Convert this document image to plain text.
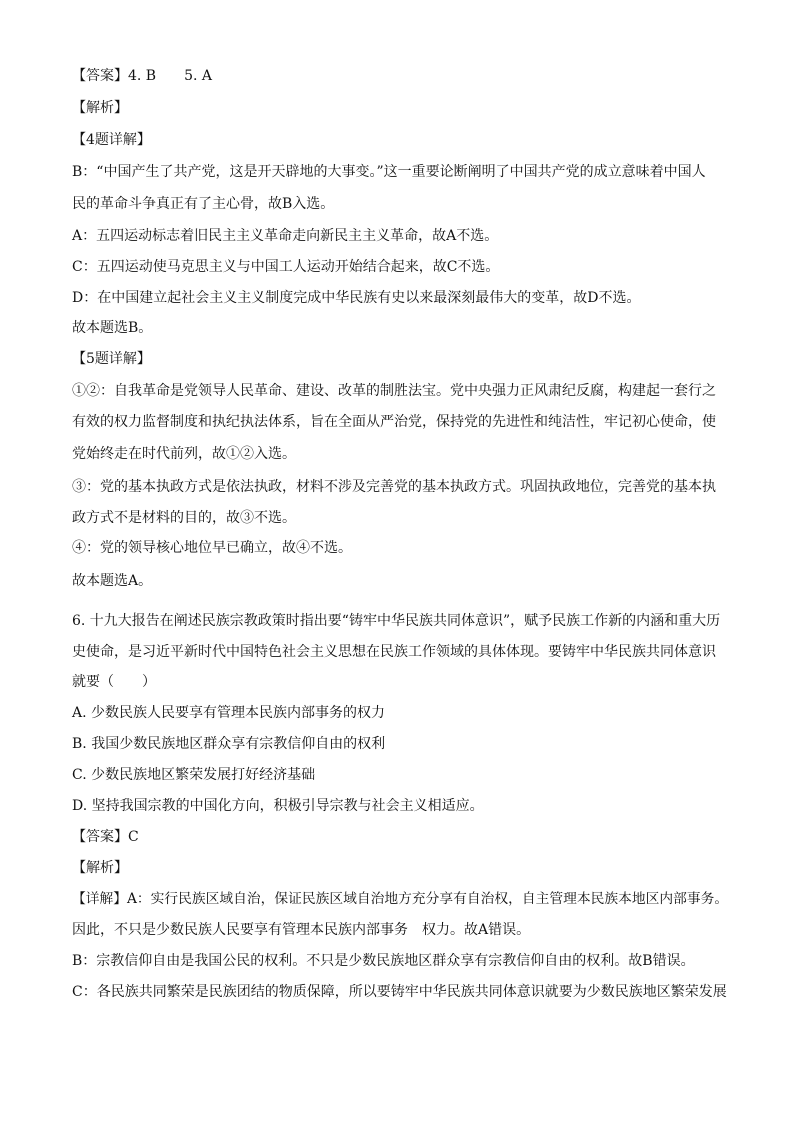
【答案】4. B 5. A
【解析】
【4题详解】
B：“中国产生了共产党，这是开天辟地的大事变。”这一重要论断阐明了中国共产党的成立意味着中国人
民的革命斗争真正有了主心骨，故B入选。
A：五四运动标志着旧民主主义革命走向新民主主义革命，故A不选。
C：五四运动使马克思主义与中国工人运动开始结合起来，故C不选。
D：在中国建立起社会主义主义制度完成中华民族有史以来最深刻最伟大的变革，故D不选。
故本题选B。
【5题详解】
①②：自我革命是党领导人民革命、建设、改革的制胜法宝。党中央强力正风肃纪反腐，构建起一套行之
有效的权力监督制度和执纪执法体系，旨在全面从严治党，保持党的先进性和纯洁性，牢记初心使命，使
党始终走在时代前列，故①②入选。
③：党的基本执政方式是依法执政，材料不涉及完善党的基本执政方式。巩固执政地位，完善党的基本执
政方式不是材料的目的，故③不选。
④：党的领导核心地位早已确立，故④不选。
故本题选A。
6. 十九大报告在阐述民族宗教政策时指出要“铸牢中华民族共同体意识”，赋予民族工作新的内涵和重大历
史使命，是习近平新时代中国特色社会主义思想在民族工作领域的具体体现。要铸牢中华民族共同体意识
就要（　　）
A. 少数民族人民要享有管理本民族内部事务的权力
B. 我国少数民族地区群众享有宗教信仰自由的权利
C. 少数民族地区繁荣发展打好经济基础
D. 坚持我国宗教的中国化方向，积极引导宗教与社会主义相适应。
【答案】C
【解析】
【详解】A：实行民族区域自治，保证民族区域自治地方充分享有自治权，自主管理本民族本地区内部事务。
因此，不只是少数民族人民要享有管理本民族内部事务　权力。故A错误。
B：宗教信仰自由是我国公民的权利。不只是少数民族地区群众享有宗教信仰自由的权利。故B错误。
C：各民族共同繁荣是民族团结的物质保障，所以要铸牢中华民族共同体意识就要为少数民族地区繁荣发展
